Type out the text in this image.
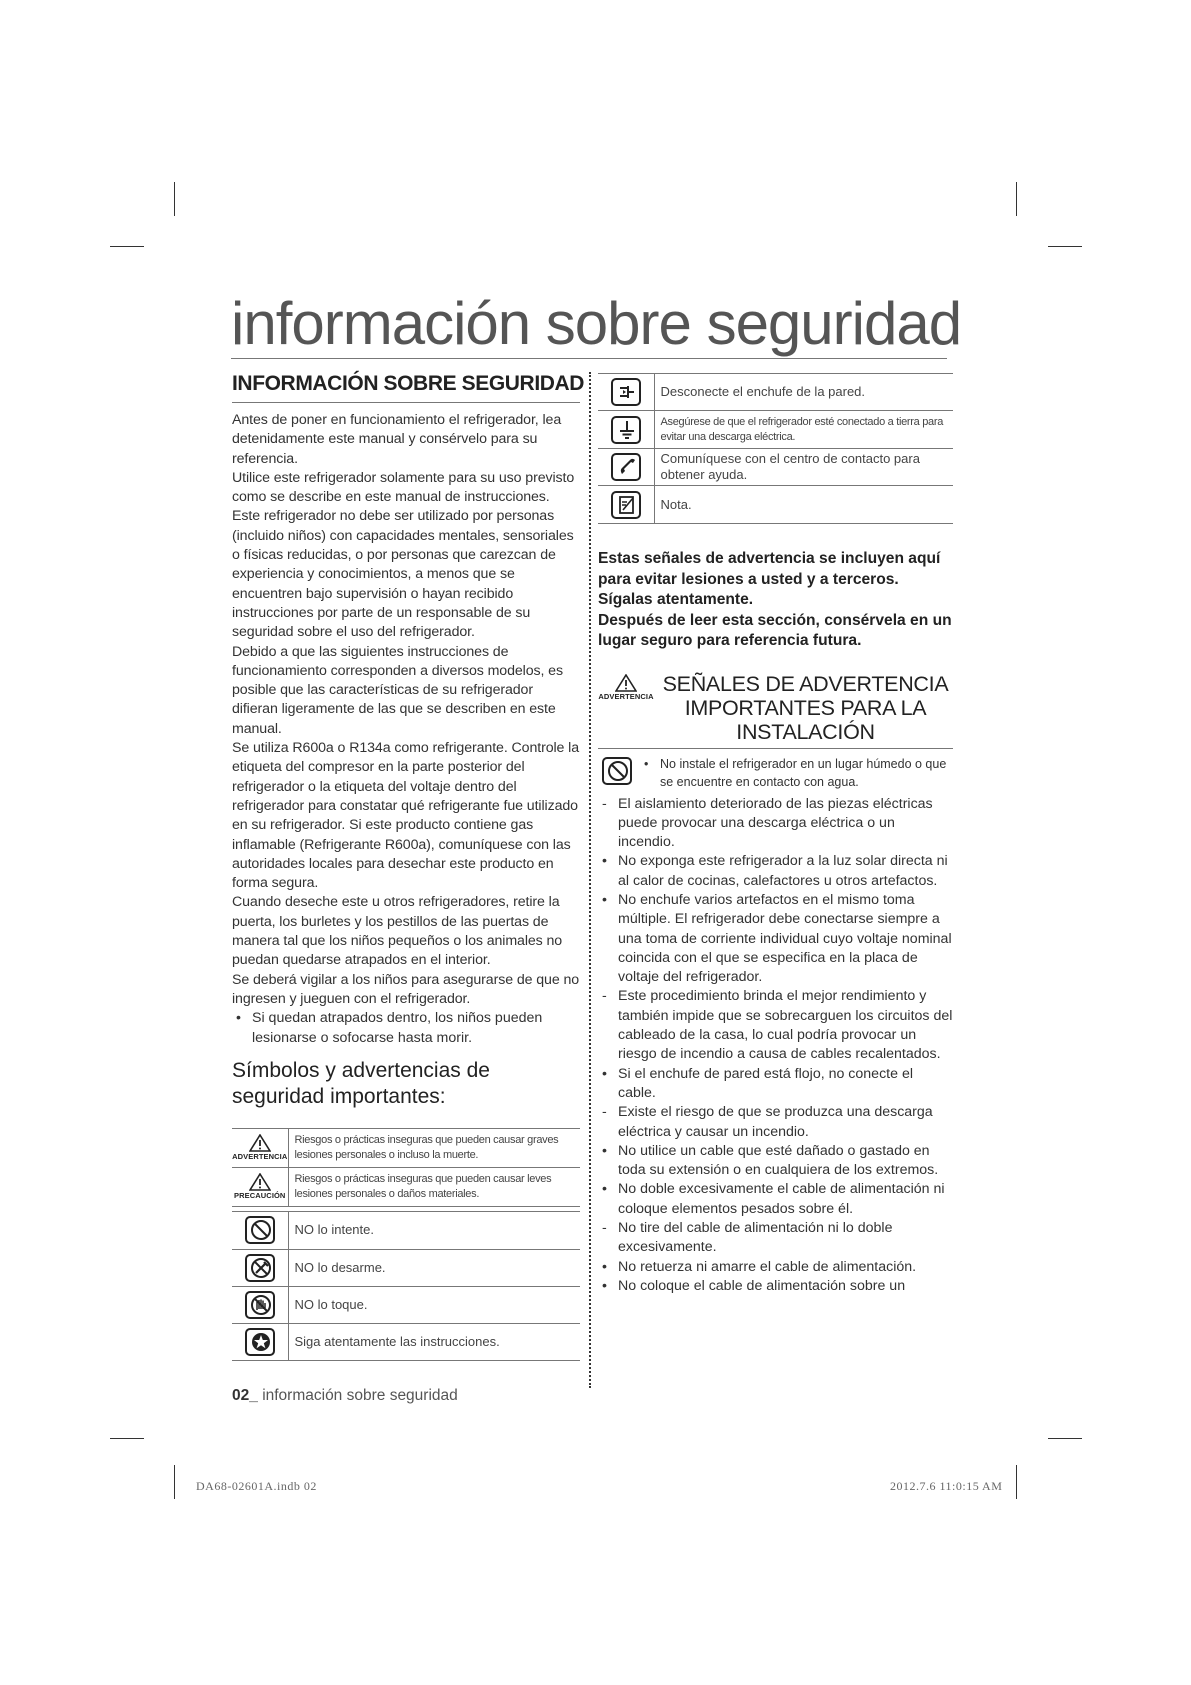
información sobre seguridad
INFORMACIÓN SOBRE SEGURIDAD
Antes de poner en funcionamiento el refrigerador, lea detenidamente este manual y consérvelo para su referencia.
Utilice este refrigerador solamente para su uso previsto como se describe en este manual de instrucciones.
Este refrigerador no debe ser utilizado por personas (incluido niños) con capacidades mentales, sensoriales o físicas reducidas, o por personas que carezcan de experiencia y conocimientos, a menos que se encuentren bajo supervisión o hayan recibido instrucciones por parte de un responsable de su seguridad sobre el uso del refrigerador.
Debido a que las siguientes instrucciones de funcionamiento corresponden a diversos modelos, es posible que las características de su refrigerador difieran ligeramente de las que se describen en este manual.
Se utiliza R600a o R134a como refrigerante. Controle la etiqueta del compresor en la parte posterior del refrigerador o la etiqueta del voltaje dentro del refrigerador para constatar qué refrigerante fue utilizado en su refrigerador. Si este producto contiene gas inflamable (Refrigerante R600a), comuníquese con las autoridades locales para desechar este producto en forma segura.
Cuando deseche este u otros refrigeradores, retire la puerta, los burletes y los pestillos de las puertas de manera tal que los niños pequeños o los animales no puedan quedarse atrapados en el interior.
Se deberá vigilar a los niños para asegurarse de que no ingresen y jueguen con el refrigerador.
• Si quedan atrapados dentro, los niños pueden lesionarse o sofocarse hasta morir.
Símbolos y advertencias de seguridad importantes:
ADVERTENCIA	Riesgos o prácticas inseguras que pueden causar graves lesiones personales o incluso la muerte.

PRECAUCIÓN	Riesgos o prácticas inseguras que pueden causar leves lesiones personales o daños materiales.
	NO lo intente.

	NO lo desarme.

	NO lo toque.

	Siga atentamente las instrucciones.
	Desconecte el enchufe de la pared.

	Asegúrese de que el refrigerador esté conectado a tierra para evitar una descarga eléctrica.

	Comuníquese con el centro de contacto para obtener ayuda.

	Nota.
Estas señales de advertencia se incluyen aquí para evitar lesiones a usted y a terceros. Sígalas atentamente.
Después de leer esta sección, consérvela en un lugar seguro para referencia futura.
ADVERTENCIA
SEÑALES DE ADVERTENCIA IMPORTANTES PARA LA INSTALACIÓN
• No instale el refrigerador en un lugar húmedo o que se encuentre en contacto con agua.
- El aislamiento deteriorado de las piezas eléctricas puede provocar una descarga eléctrica o un incendio.
• No exponga este refrigerador a la luz solar directa ni al calor de cocinas, calefactores u otros artefactos.
• No enchufe varios artefactos en el mismo toma múltiple. El refrigerador debe conectarse siempre a una toma de corriente individual cuyo voltaje nominal coincida con el que se especifica en la placa de voltaje del refrigerador.
- Este procedimiento brinda el mejor rendimiento y también impide que se sobrecarguen los circuitos del cableado de la casa, lo cual podría provocar un riesgo de incendio a causa de cables recalentados.
• Si el enchufe de pared está flojo, no conecte el cable.
- Existe el riesgo de que se produzca una descarga eléctrica y causar un incendio.
• No utilice un cable que esté dañado o gastado en toda su extensión o en cualquiera de los extremos.
• No doble excesivamente el cable de alimentación ni coloque elementos pesados sobre él.
- No tire del cable de alimentación ni lo doble excesivamente.
• No retuerza ni amarre el cable de alimentación.
• No coloque el cable de alimentación sobre un
02_ información sobre seguridad
DA68-02601A.indb 02	2012.7.6 11:0:15 AM
